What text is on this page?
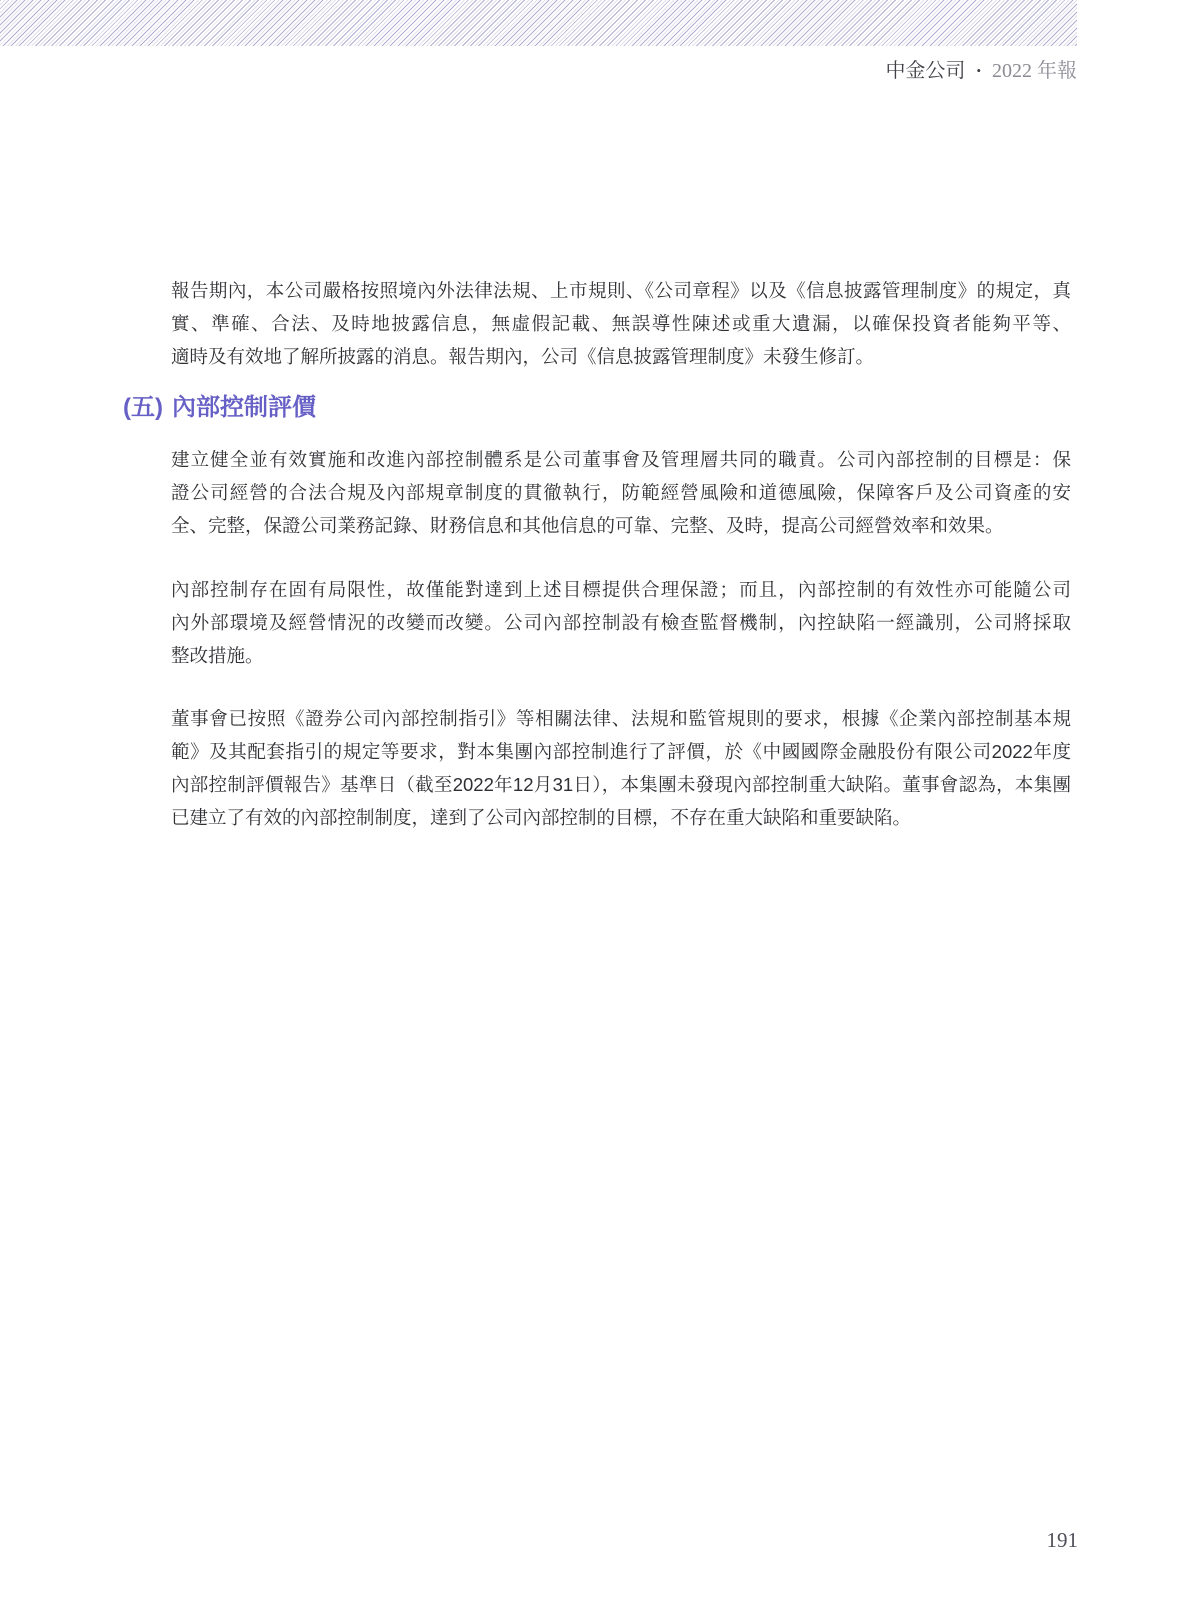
中金公司 • 2022 年報
報告期內，本公司嚴格按照境內外法律法規、上市規則、《公司章程》以及《信息披露管理制度》的規定，真
實、準確、合法、及時地披露信息，無虛假記載、無誤導性陳述或重大遺漏，以確保投資者能夠平等、
適時及有效地了解所披露的消息。報告期內，公司《信息披露管理制度》未發生修訂。
(五) 內部控制評價
建立健全並有效實施和改進內部控制體系是公司董事會及管理層共同的職責。公司內部控制的目標是：保
證公司經營的合法合規及內部規章制度的貫徹執行，防範經營風險和道德風險，保障客戶及公司資產的安
全、完整，保證公司業務記錄、財務信息和其他信息的可靠、完整、及時，提高公司經營效率和效果。
內部控制存在固有局限性，故僅能對達到上述目標提供合理保證；而且，內部控制的有效性亦可能隨公司
內外部環境及經營情況的改變而改變。公司內部控制設有檢查監督機制，內控缺陷一經識別，公司將採取
整改措施。
董事會已按照《證券公司內部控制指引》等相關法律、法規和監管規則的要求，根據《企業內部控制基本規
範》及其配套指引的規定等要求，對本集團內部控制進行了評價，於《中國國際金融股份有限公司2022年度
內部控制評價報告》基準日（截至2022年12月31日），本集團未發現內部控制重大缺陷。董事會認為，本集團
已建立了有效的內部控制制度，達到了公司內部控制的目標，不存在重大缺陷和重要缺陷。
191
